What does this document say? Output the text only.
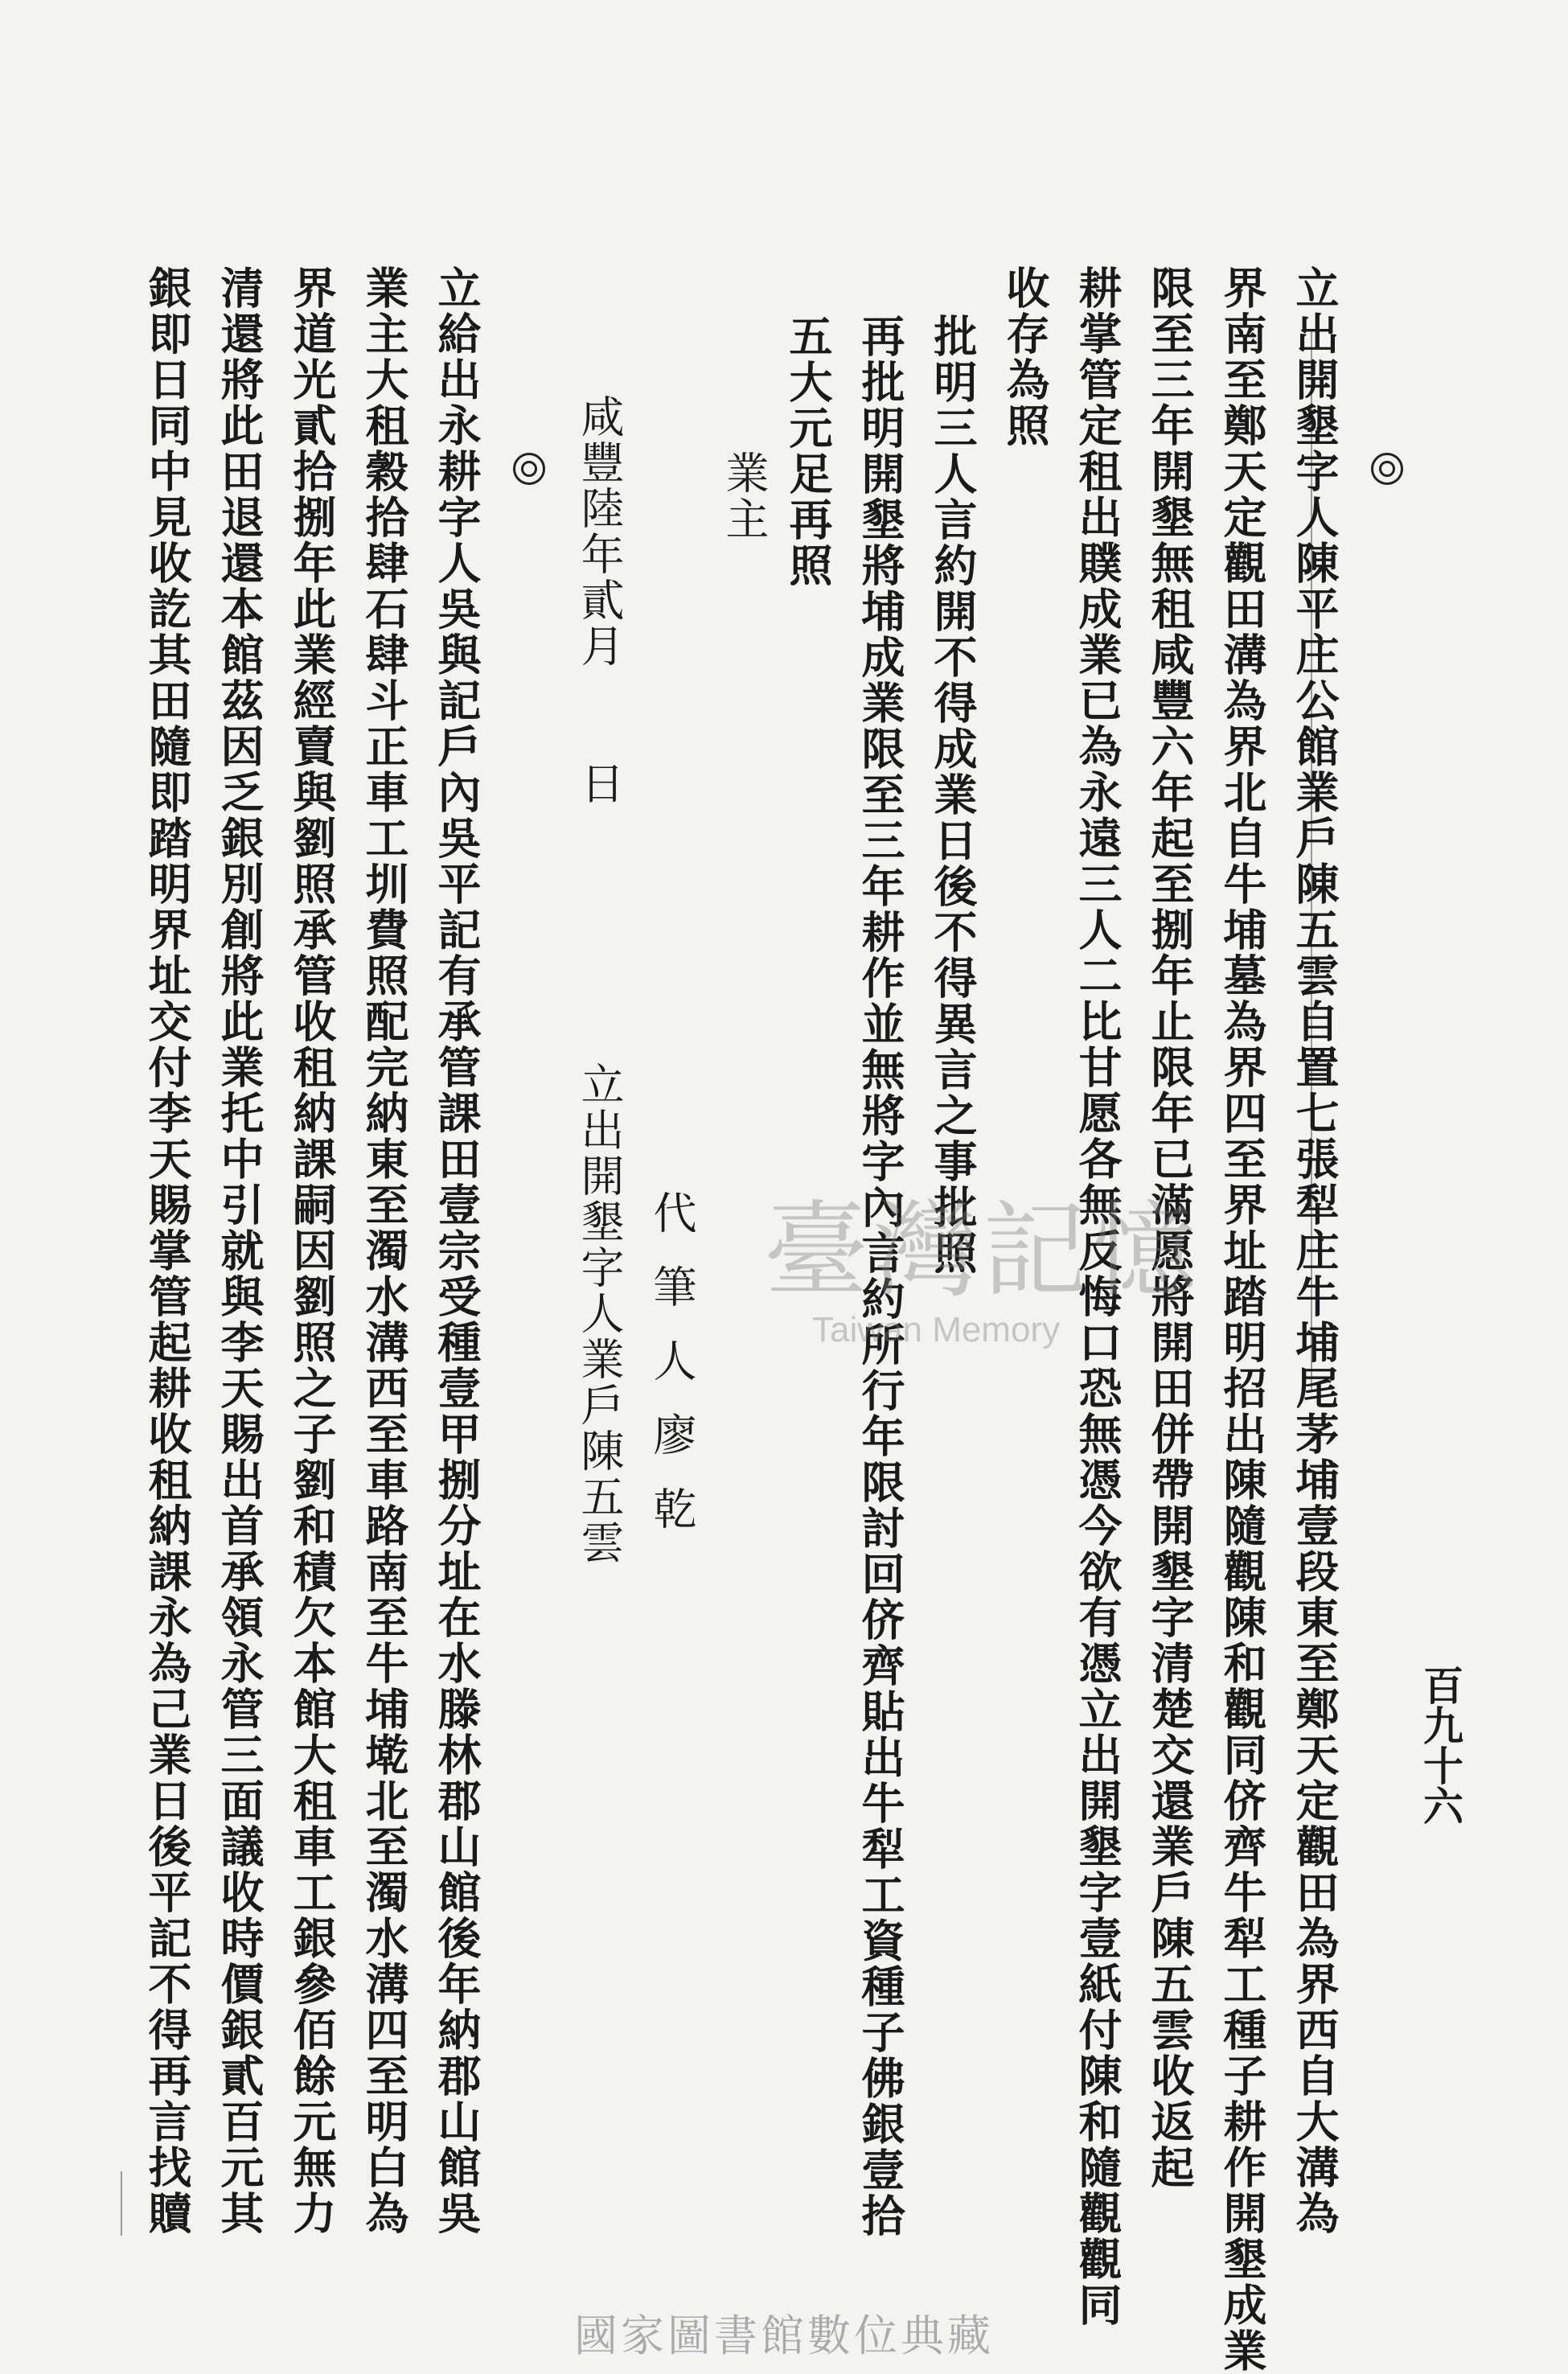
百九十六
立出開墾字人陳平庄公館業戶陳五雲自置七張犁庄牛埔尾茅埔壹段東至鄭天定觀田為界西自大溝為
界南至鄭天定觀田溝為界北自牛埔墓為界四至界址踏明招出陳隨觀陳和觀同侪齊牛犁工種子耕作開墾成業
限至三年開墾無租咸豐六年起至捌年止限年已滿愿將開田併帶開墾字清楚交還業戶陳五雲收返起
耕掌管定租出贌成業已為永遠三人二比甘愿各無反悔口恐無憑今欲有憑立出開墾字壹紙付陳和隨觀觀同
收存為照
批明三人言約開不得成業日後不得異言之事批照
再批明開墾將埔成業限至三年耕作並無將字內言約所行年限討回侪齊貼出牛犁工資種子佛銀壹拾
五大元足再照
業主
代筆人廖乾
咸豐陸年貳月　　日
立出開墾字人業戶陳五雲
立給出永耕字人吳與記戶內吳平記有承管課田壹宗受種壹甲捌分址在水滕林郡山館後年納郡山館吳
業主大租穀拾肆石肆斗正車工圳費照配完納東至濁水溝西至車路南至牛埔墘北至濁水溝四至明白為
界道光貳拾捌年此業經賣與劉照承管收租納課嗣因劉照之子劉和積欠本館大租車工銀參佰餘元無力
清還將此田退還本館茲因乏銀別創將此業托中引就與李天賜出首承領永管三面議收時價銀貳百元其
銀即日同中見收訖其田隨即踏明界址交付李天賜掌管起耕收租納課永為己業日後平記不得再言找贖	臺灣記憶
Taiwan Memory
國家圖書館數位典藏
